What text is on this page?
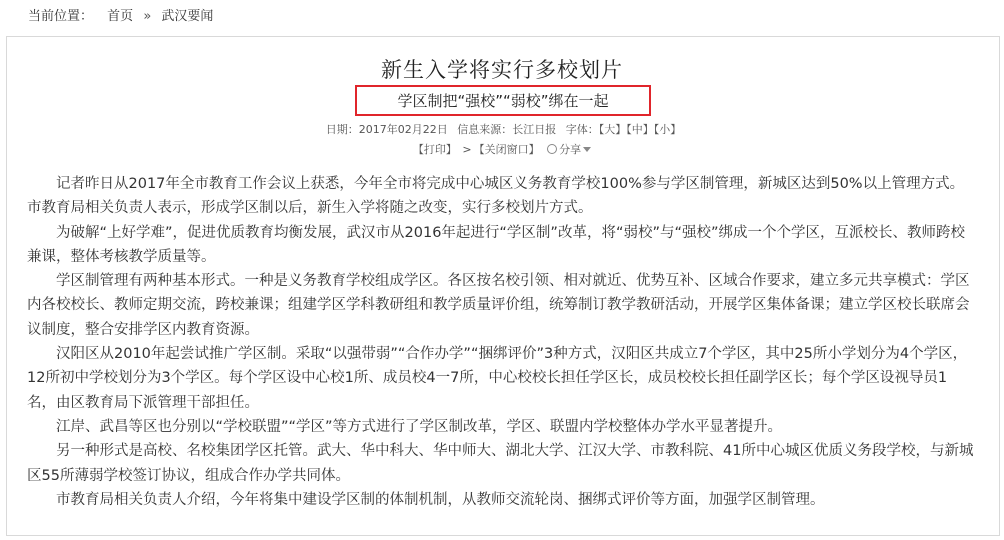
当前位置： 首页 » 武汉要闻
新生入学将实行多校划片
学区制把“强校”“弱校”绑在一起
日期：2017年02月22日 信息来源：长江日报 字体：【大】【中】【小】
【打印】 > 【关闭窗口】 分享

记者昨日从2017年全市教育工作会议上获悉，今年全市将完成中心城区义务教育学校100%参与学区制管理，新城区达到50%以上管理方式。市教育局相关负责人表示，形成学区制以后，新生入学将随之改变，实行多校划片方式。

为破解“上好学难”，促进优质教育均衡发展，武汉市从2016年起进行“学区制”改革，将“弱校”与“强校”绑成一个个学区，互派校长、教师跨校兼课，整体考核教学质量等。

学区制管理有两种基本形式。一种是义务教育学校组成学区。各区按名校引领、相对就近、优势互补、区域合作要求，建立多元共享模式：学区内各校校长、教师定期交流，跨校兼课；组建学区学科教研组和教学质量评价组，统筹制订教学教研活动，开展学区集体备课；建立学区校长联席会议制度，整合安排学区内教育资源。

汉阳区从2010年起尝试推广学区制。采取“以强带弱”“合作办学”“捆绑评价”3种方式，汉阳区共成立7个学区，其中25所小学划分为4个学区，12所初中学校划分为3个学区。每个学区设中心校1所、成员校4一7所，中心校校长担任学区长，成员校校长担任副学区长；每个学区设视导员1名，由区教育局下派管理干部担任。

江岸、武昌等区也分别以“学校联盟”“学区”等方式进行了学区制改革，学区、联盟内学校整体办学水平显著提升。

另一种形式是高校、名校集团学区托管。武大、华中科大、华中师大、湖北大学、江汉大学、市教科院、41所中心城区优质义务段学校，与新城区55所薄弱学校签订协议，组成合作办学共同体。

市教育局相关负责人介绍，今年将集中建设学区制的体制机制，从教师交流轮岗、捆绑式评价等方面，加强学区制管理。
